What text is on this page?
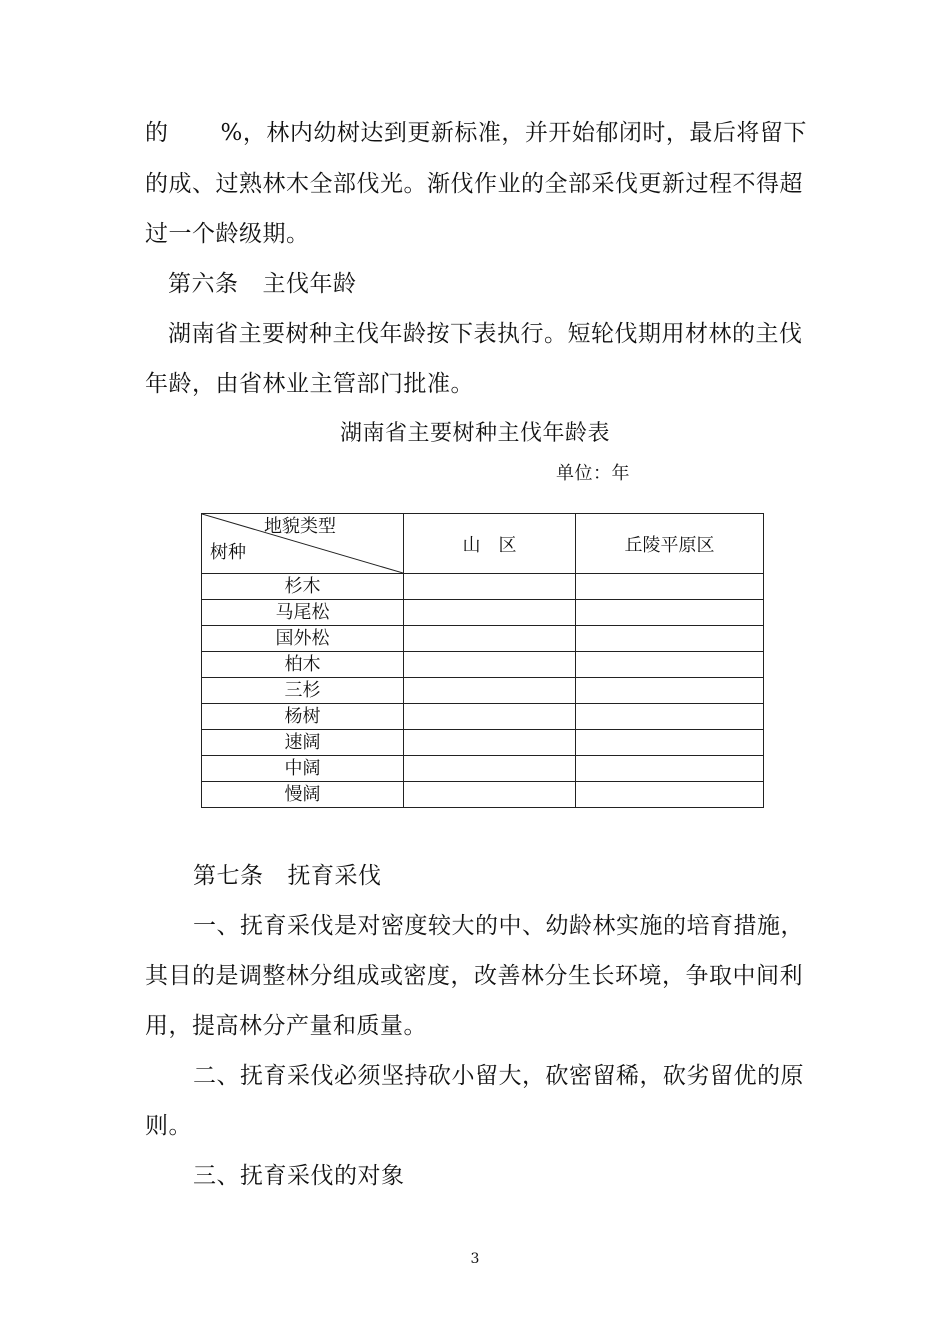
的 %，林内幼树达到更新标准，并开始郁闭时，最后将留下
的成、过熟林木全部伐光。渐伐作业的全部采伐更新过程不得超
过一个龄级期。
第六条 主伐年龄
湖南省主要树种主伐年龄按下表执行。短轮伐期用材林的主伐
年龄，由省林业主管部门批准。
湖南省主要树种主伐年龄表
单位：年
地貌类型
树种	山　区	丘陵平原区
杉木		
马尾松		
国外松		
柏木		
三杉		
杨树		
速阔		
中阔		
慢阔		
第七条 抚育采伐
一、抚育采伐是对密度较大的中、幼龄林实施的培育措施，
其目的是调整林分组成或密度，改善林分生长环境，争取中间利
用，提高林分产量和质量。
二、抚育采伐必须坚持砍小留大，砍密留稀，砍劣留优的原
则。
三、抚育采伐的对象
3
